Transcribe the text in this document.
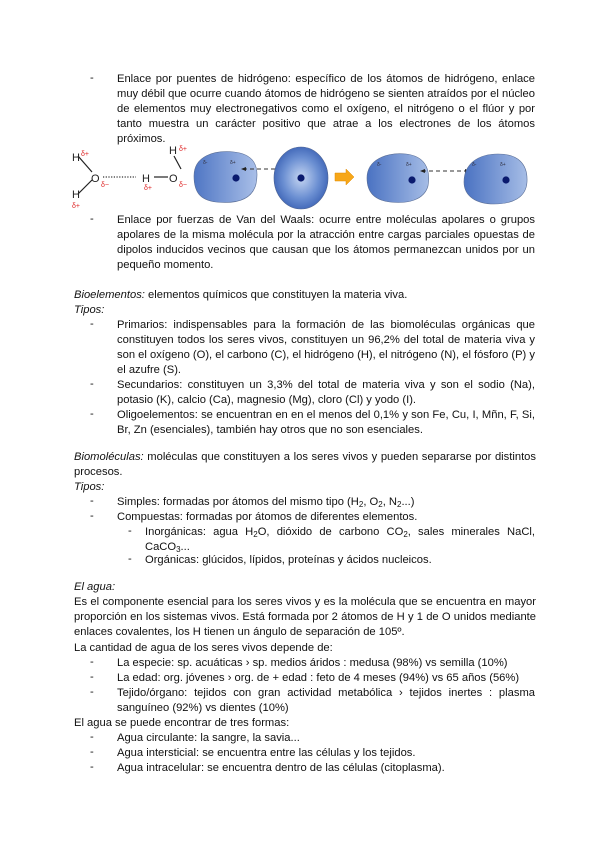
-	Enlace por puentes de hidrógeno: específico de los átomos de hidrógeno, enlace muy débil que ocurre cuando átomos de hidrógeno se sienten atraídos por el núcleo de elementos muy electronegativos como el oxígeno, el nitrógeno o el flúor y por tanto muestra un carácter positivo que atrae a los electrones de los átomos próximos.

H
O
H
H O
H
δ+
δ−
δ+
δ+	δ−
δ+
δ-	δ+	δ-	δ+	δ-	δ+
-	Enlace por fuerzas de Van del Waals: ocurre entre moléculas apolares o grupos apolares de la misma molécula por la atracción entre cargas parciales opuestas de dipolos inducidos vecinos que causan que los átomos permanezcan unidos por un pequeño momento.

Bioelementos: elementos químicos que constituyen la materia viva.

Tipos:

-	Primarios: indispensables para la formación de las biomoléculas orgánicas que constituyen todos los seres vivos, constituyen un 96,2% del total de materia viva y son el oxígeno (O), el carbono (C), el hidrógeno (H), el nitrógeno (N), el fósforo (P) y el azufre (S).

-	Secundarios: constituyen un 3,3% del total de materia viva y son el sodio (Na), potasio (K), calcio (Ca), magnesio (Mg), cloro (Cl) y yodo (I).

-	Oligoelementos: se encuentran en en el menos del 0,1% y son Fe, Cu, I, Mñn, F, Si, Br, Zn (esenciales), también hay otros que no son esenciales.

Biomoléculas: moléculas que constituyen a los seres vivos y pueden separarse por distintos procesos.

Tipos:

-	Simples: formadas por átomos del mismo tipo ($H_2$, $O_2$, $N_2$...)

-	Compuestas: formadas por átomos de diferentes elementos.

-	Inorgánicas: agua $H_2O$, dióxido de carbono $CO_2$, sales minerales NaCl, CaCO$_3$...

-	Orgánicas: glúcidos, lípidos, proteínas y ácidos nucleicos.

El agua:

Es el componente esencial para los seres vivos y es la molécula que se encuentra en mayor proporción en los sistemas vivos. Está formada por 2 átomos de H y 1 de O unidos mediante enlaces covalentes, los H tienen un ángulo de separación de 105º.

La cantidad de agua de los seres vivos depende de:

-	La especie: sp. acuáticas › sp. medios áridos : medusa (98%) vs semilla (10%)

-	La edad: org. jóvenes › org. de + edad : feto de 4 meses (94%) vs 65 años (56%)

-	Tejido/órgano: tejidos con gran actividad metabólica › tejidos inertes : plasma sanguíneo (92%) vs dientes (10%)

El agua se puede encontrar de tres formas:

-	Agua circulante: la sangre, la savia...

-	Agua intersticial: se encuentra entre las células y los tejidos.

-	Agua intracelular: se encuentra dentro de las células (citoplasma).
